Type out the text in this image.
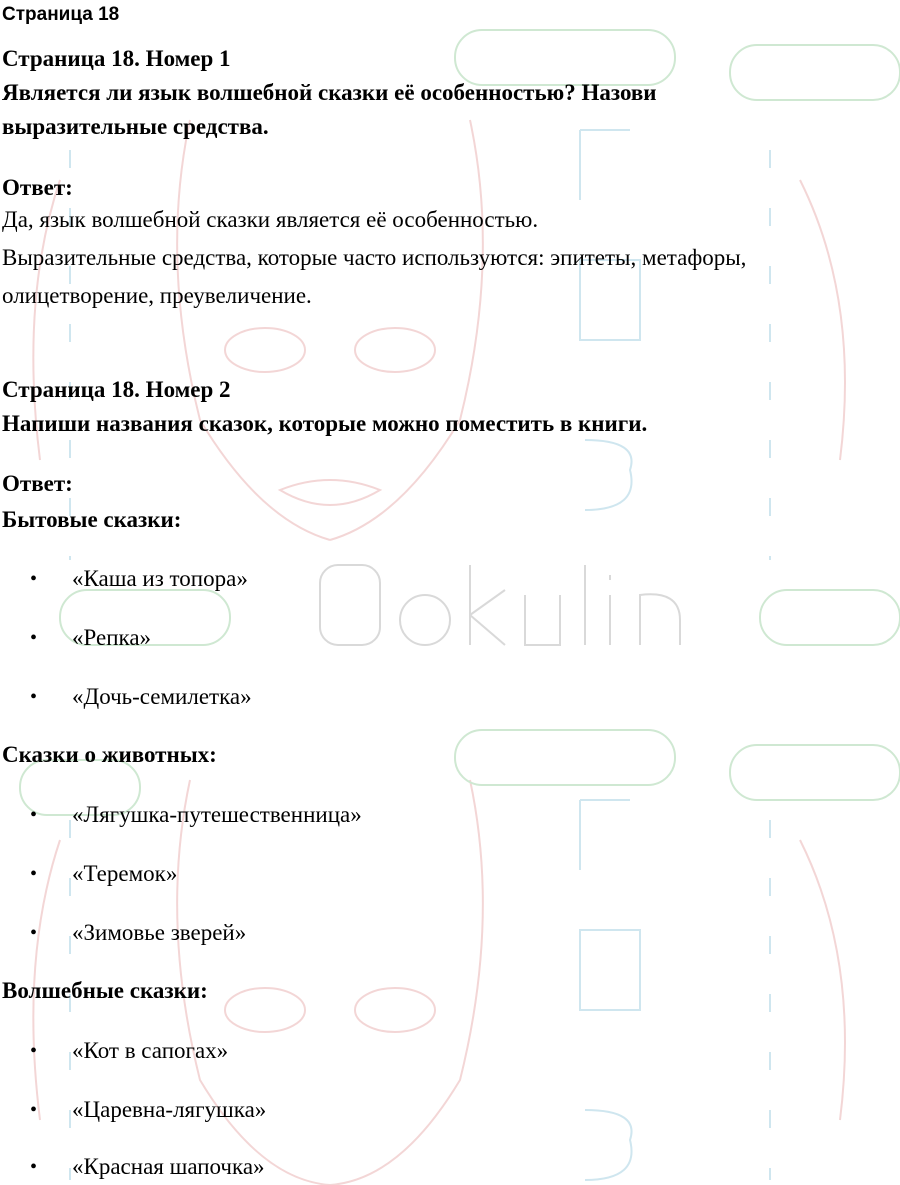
Страница 18

Страница 18. Номер 1

Является ли язык волшебной сказки её особенностью? Назови

выразительные средства.

Ответ:

Да, язык волшебной сказки является её особенностью.

Выразительные средства, которые часто используются: эпитеты, метафоры,

олицетворение, преувеличение.

Страница 18. Номер 2

Напиши названия сказок, которые можно поместить в книги.

Ответ:

Бытовые сказки:

• «Каша из топора»
• «Репка»
• «Дочь-семилетка»

Сказки о животных:

• «Лягушка-путешественница»
• «Теремок»
• «Зимовье зверей»

Волшебные сказки:

• «Кот в сапогах»
• «Царевна-лягушка»
• «Красная шапочка»
